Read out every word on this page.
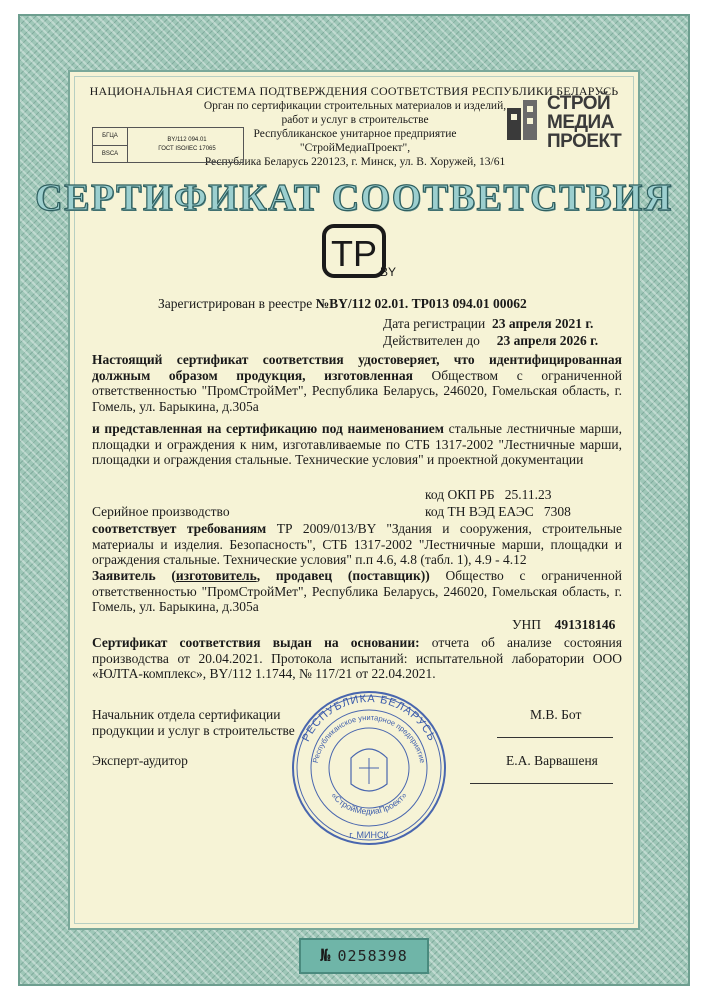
НАЦИОНАЛЬНАЯ СИСТЕМА ПОДТВЕРЖДЕНИЯ СООТВЕТСТВИЯ РЕСПУБЛИКИ БЕЛАРУСЬ
Орган по сертификации строительных материалов и изделий,
работ и услуг в строительстве
Республиканское унитарное предприятие
"СтройМедиаПроект",
Республика Беларусь 220123, г. Минск, ул. В. Хоружей, 13/61
БГЦА
BSCA
BY/112 094.01
ГОСТ ISO/IEC 17065
СТРОЙ
МЕДИА
ПРОЕКТ
СЕРТИФИКАТ СООТВЕТСТВИЯ
TP BY
Зарегистрирован в реестре №BY/112 02.01. ТР013 094.01 00062
Дата регистрации 23 апреля 2021 г.
Действителен до 23 апреля 2026 г.
Настоящий сертификат соответствия удостоверяет, что идентифицированная должным образом продукция, изготовленная Обществом с ограниченной ответственностью "ПромСтройМет", Республика Беларусь, 246020, Гомельская область, г. Гомель, ул. Барыкина, д.305а
и представленная на сертификацию под наименованием стальные лестничные марши, площадки и ограждения к ним, изготавливаемые по СТБ 1317-2002 "Лестничные марши, площадки и ограждения стальные. Технические условия" и проектной документации
код ОКП РБ 25.11.23
Серийное производство	код ТН ВЭД ЕАЭС 7308
соответствует требованиям ТР 2009/013/BY "Здания и сооружения, строительные материалы и изделия. Безопасность", СТБ 1317-2002 "Лестничные марши, площадки и ограждения стальные. Технические условия" п.п 4.6, 4.8 (табл. 1), 4.9 - 4.12
Заявитель (изготовитель, продавец (поставщик)) Общество с ограниченной ответственностью "ПромСтройМет", Республика Беларусь, 246020, Гомельская область, г. Гомель, ул. Барыкина, д.305а
УНП 491318146
Сертификат соответствия выдан на основании: отчета об анализе состояния производства от 20.04.2021. Протокола испытаний: испытательной лаборатории ООО «ЮЛТА-комплекс», BY/112 1.1744, № 117/21 от 22.04.2021.
Начальник отдела сертификации
продукции и услуг в строительстве
М.В. Бот
Эксперт-аудитор	Е.А. Варвашеня
РЕСПУБЛИКА БЕЛАРУСЬ
Республиканское унитарное предприятие
«СтройМедиаПроект»
г. МИНСК
№ 0258398
